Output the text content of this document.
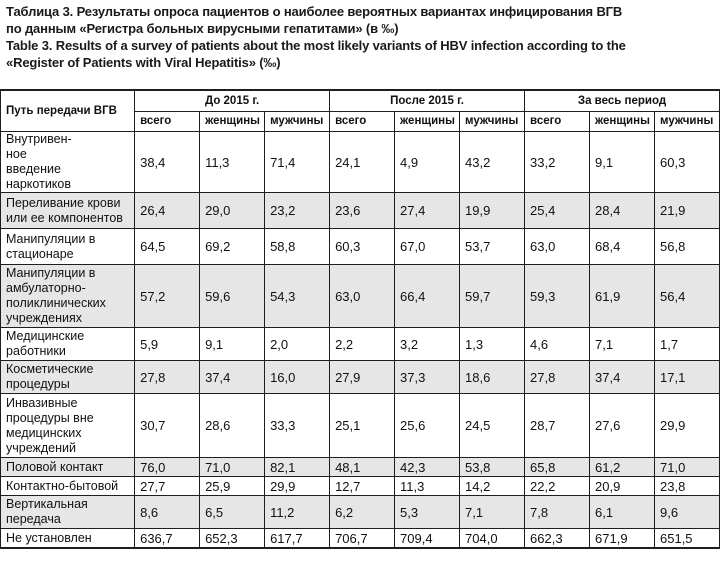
Таблица 3. Результаты опроса пациентов о наиболее вероятных вариантах инфицирования ВГВ
по данным «Регистра больных вирусными гепатитами» (в ‰)
Table 3. Results of a survey of patients about the most likely variants of HBV infection according to the
«Register of Patients with Viral Hepatitis» (‰)
Путь передачи ВГВ	До 2015 г.			После 2015 г.			За весь период		
	всего	женщины	мужчины	всего	женщины	мужчины	всего	женщины	мужчины
Внутривен-
ное
введение
наркотиков	38,4	11,3	71,4	24,1	4,9	43,2	33,2	9,1	60,3
Переливание крови
или ее компонентов	26,4	29,0	23,2	23,6	27,4	19,9	25,4	28,4	21,9
Манипуляции в
стационаре	64,5	69,2	58,8	60,3	67,0	53,7	63,0	68,4	56,8
Манипуляции в
амбулаторно-
поликлинических
учреждениях	57,2	59,6	54,3	63,0	66,4	59,7	59,3	61,9	56,4
Медицинские
работники	5,9	9,1	2,0	2,2	3,2	1,3	4,6	7,1	1,7
Косметические
процедуры	27,8	37,4	16,0	27,9	37,3	18,6	27,8	37,4	17,1
Инвазивные
процедуры вне
медицинских
учреждений	30,7	28,6	33,3	25,1	25,6	24,5	28,7	27,6	29,9
Половой контакт	76,0	71,0	82,1	48,1	42,3	53,8	65,8	61,2	71,0
Контактно-бытовой	27,7	25,9	29,9	12,7	11,3	14,2	22,2	20,9	23,8
Вертикальная
передача	8,6	6,5	11,2	6,2	5,3	7,1	7,8	6,1	9,6
Не установлен	636,7	652,3	617,7	706,7	709,4	704,0	662,3	671,9	651,5
